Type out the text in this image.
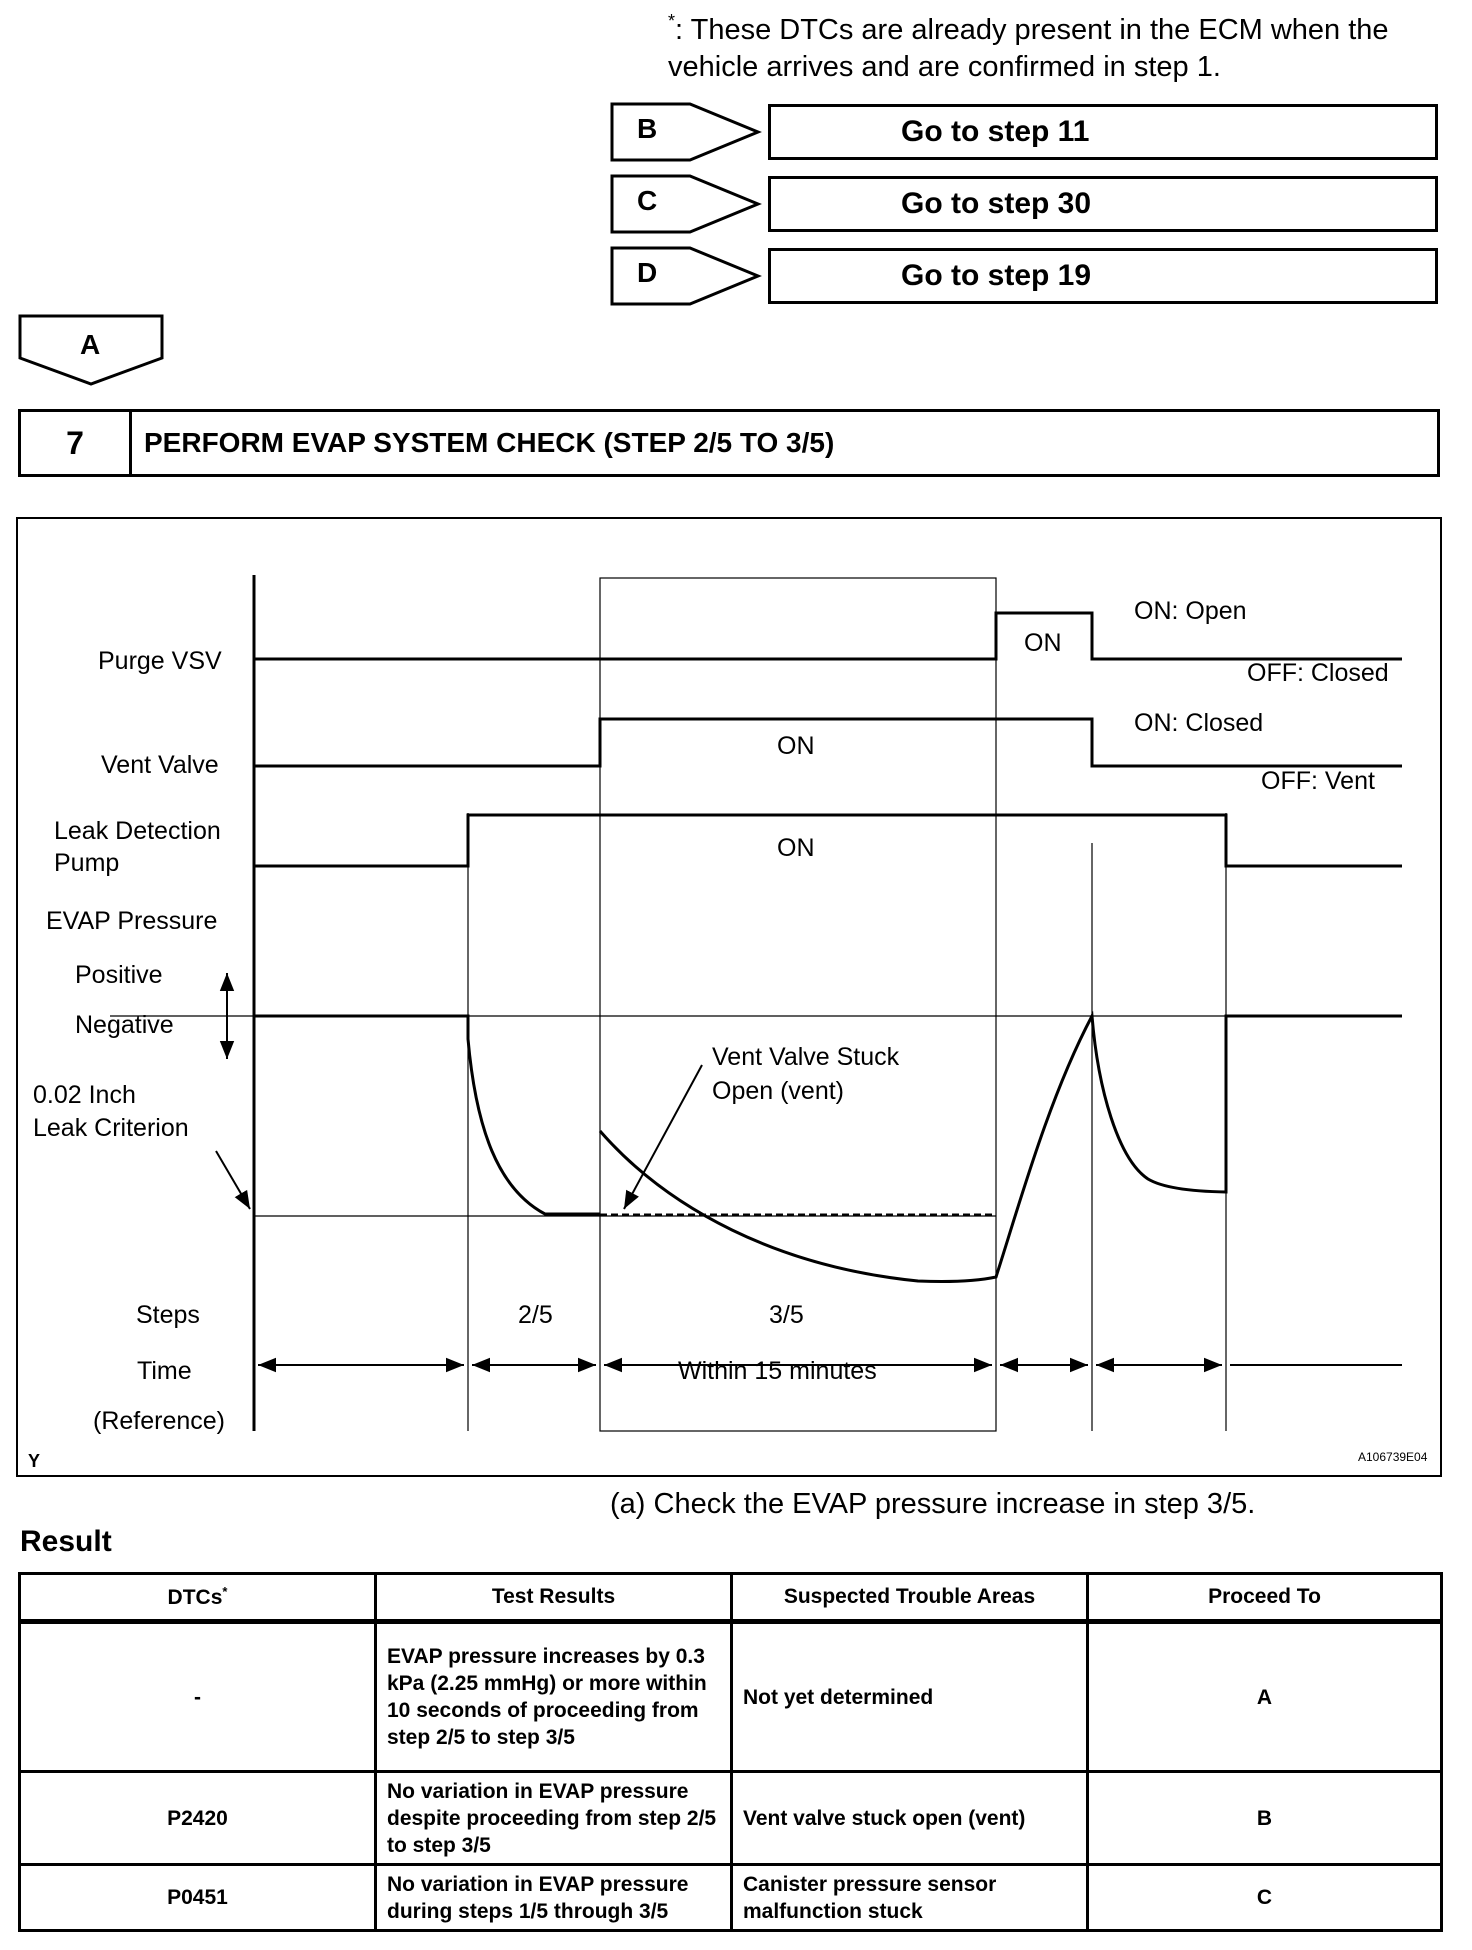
*: These DTCs are already present in the ECM when the vehicle arrives and are confirmed in step 1.
B
C
D
A
Go to step 11
Go to step 30
Go to step 19
7	PERFORM EVAP SYSTEM CHECK (STEP 2/5 TO 3/5)
Purge VSV
Vent Valve
Leak Detection
Pump
EVAP Pressure
Positive
Negative
0.02 Inch
Leak Criterion
ON
ON: Open
OFF: Closed
ON
ON: Closed
OFF: Vent
ON
Vent Valve Stuck
Open (vent)
Steps	2/5	3/5
Time
(Reference)
Within 15 minutes
Y	A106739E04
(a) Check the EVAP pressure increase in step 3/5.
Result
DTCs*	Test Results	Suspected Trouble Areas	Proceed To
-	EVAP pressure increases by 0.3 kPa (2.25 mmHg) or more within 10 seconds of proceeding from step 2/5 to step 3/5	Not yet determined	A
P2420	No variation in EVAP pressure despite proceeding from step 2/5 to step 3/5	Vent valve stuck open (vent)	B
P0451	No variation in EVAP pressure during steps 1/5 through 3/5	Canister pressure sensor malfunction stuck	C
